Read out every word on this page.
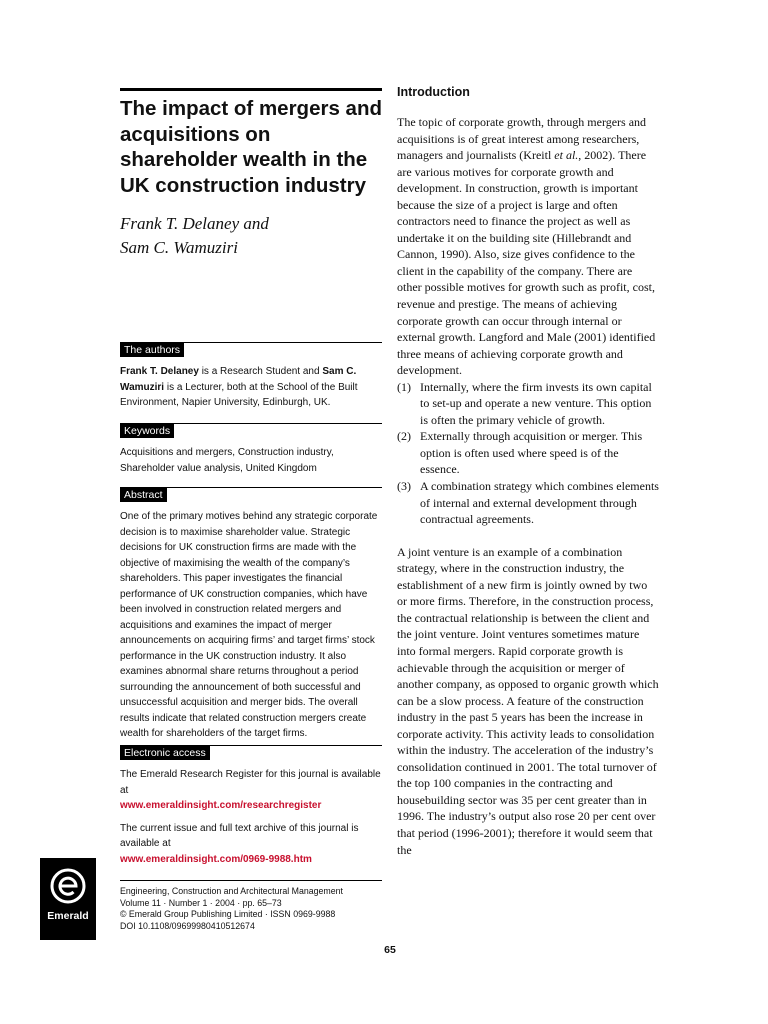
The impact of mergers and acquisitions on shareholder wealth in the UK construction industry
Frank T. Delaney and
Sam C. Wamuziri
The authors
Frank T. Delaney is a Research Student and Sam C. Wamuziri is a Lecturer, both at the School of the Built Environment, Napier University, Edinburgh, UK.
Keywords
Acquisitions and mergers, Construction industry, Shareholder value analysis, United Kingdom
Abstract
One of the primary motives behind any strategic corporate decision is to maximise shareholder value. Strategic decisions for UK construction firms are made with the objective of maximising the wealth of the company’s shareholders. This paper investigates the financial performance of UK construction companies, which have been involved in construction related mergers and acquisitions and examines the impact of merger announcements on acquiring firms’ and target firms’ stock performance in the UK construction industry. It also examines abnormal share returns throughout a period surrounding the announcement of both successful and unsuccessful acquisition and merger bids. The overall results indicate that related construction mergers create wealth for shareholders of the target firms.
Electronic access
The Emerald Research Register for this journal is available at
www.emeraldinsight.com/researchregister
The current issue and full text archive of this journal is available at
www.emeraldinsight.com/0969-9988.htm
Emerald
Engineering, Construction and Architectural Management
Volume 11 · Number 1 · 2004 · pp. 65–73
© Emerald Group Publishing Limited · ISSN 0969-9988
DOI 10.1108/09699980410512674
Introduction

The topic of corporate growth, through mergers and acquisitions is of great interest among researchers, managers and journalists (Kreitl et al., 2002). There are various motives for corporate growth and development. In construction, growth is important because the size of a project is large and often contractors need to finance the project as well as undertake it on the building site (Hillebrandt and Cannon, 1990). Also, size gives confidence to the client in the capability of the company. There are other possible motives for growth such as profit, cost, revenue and prestige. The means of achieving corporate growth can occur through internal or external growth. Langford and Male (2001) identified three means of achieving corporate growth and development.

(1) Internally, where the firm invests its own capital to set-up and operate a new venture. This option is often the primary vehicle of growth.
(2) Externally through acquisition or merger. This option is often used where speed is of the essence.
(3) A combination strategy which combines elements of internal and external development through contractual agreements.

A joint venture is an example of a combination strategy, where in the construction industry, the establishment of a new firm is jointly owned by two or more firms. Therefore, in the construction process, the contractual relationship is between the client and the joint venture. Joint ventures sometimes mature into formal mergers. Rapid corporate growth is achievable through the acquisition or merger of another company, as opposed to organic growth which can be a slow process. A feature of the construction industry in the past 5 years has been the increase in corporate activity. This activity leads to consolidation within the industry. The acceleration of the industry’s consolidation continued in 2001. The total turnover of the top 100 companies in the contracting and housebuilding sector was 35 per cent greater than in 1996. The industry’s output also rose 20 per cent over that period (1996-2001); therefore it would seem that the

65
